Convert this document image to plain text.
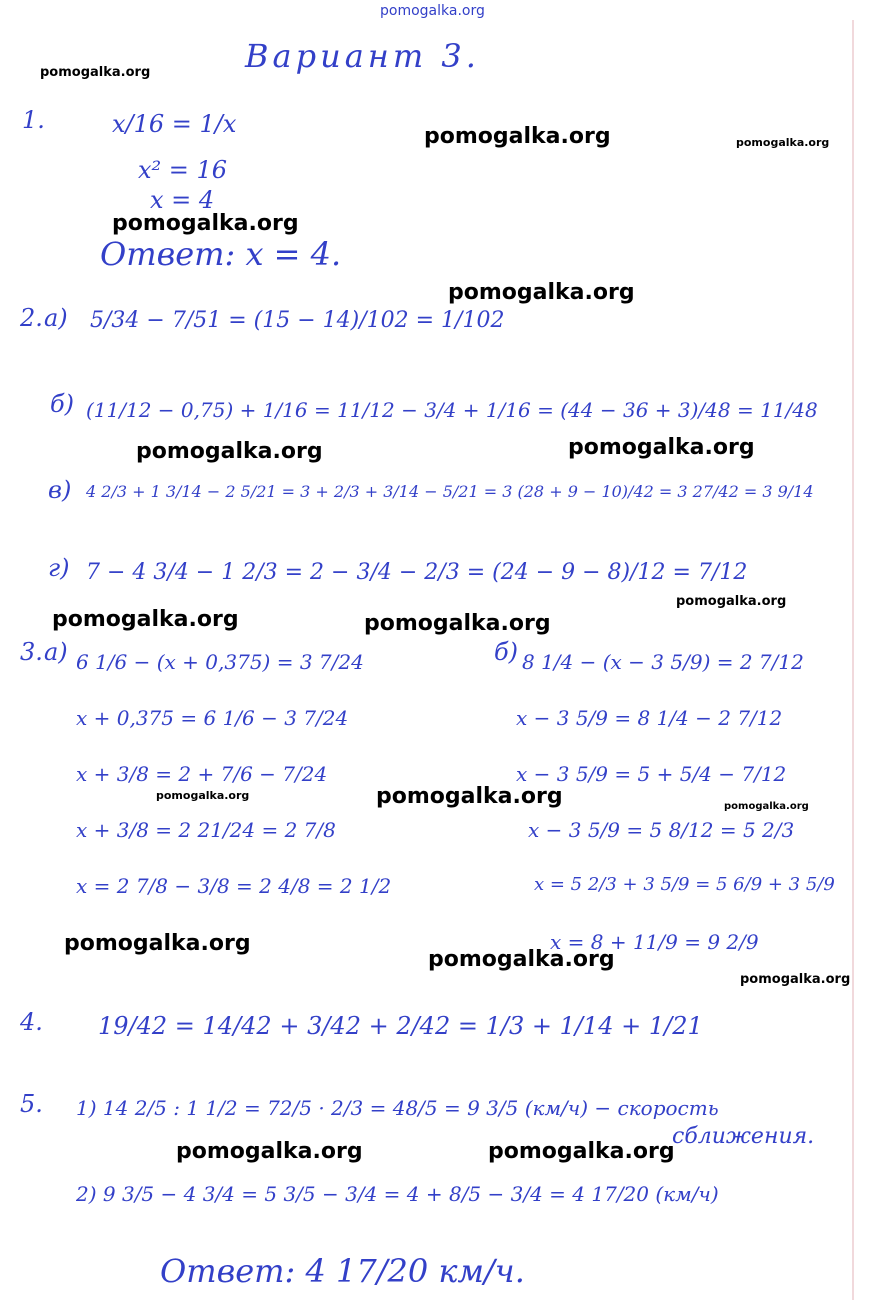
pomogalka.org
Вариант 3.
1.	x/16 = 1/x
x² = 16
x = 4
Ответ: x = 4.
2. а) 5/34 − 7/51 = (15 − 14)/102 = 1/102
б) (11/12 − 0,75) + 1/16 = 11/12 − 3/4 + 1/16 = (44 − 36 + 3)/48 = 11/48
в) 4 2/3 + 1 3/14 − 2 5/21 = 3 + 2/3 + 3/14 − 5/21 = 3 (28 + 9 − 10)/42 = 3 27/42 = 3 9/14
г) 7 − 4 3/4 − 1 2/3 = 2 − 3/4 − 2/3 = (24 − 9 − 8)/12 = 7/12
3. а) 6 1/6 − (x + 0,375) = 3 7/24
x + 0,375 = 6 1/6 − 3 7/24
x + 3/8 = 2 + 7/6 − 7/24
x + 3/8 = 2 21/24 = 2 7/8
x = 2 7/8 − 3/8 = 2 4/8 = 2 1/2
б) 8 1/4 − (x − 3 5/9) = 2 7/12
x − 3 5/9 = 8 1/4 − 2 7/12
x − 3 5/9 = 5 + 5/4 − 7/12
x − 3 5/9 = 5 8/12 = 5 2/3
x = 5 2/3 + 3 5/9 = 5 6/9 + 3 5/9
x = 8 + 11/9 = 9 2/9
4. 19/42 = 14/42 + 3/42 + 2/42 = 1/3 + 1/14 + 1/21
5. 1) 14 2/5 : 1 1/2 = 72/5 · 2/3 = 48/5 = 9 3/5 (км/ч) − скорость
сближения.
2) 9 3/5 − 4 3/4 = 5 3/5 − 3/4 = 4 + 8/5 − 3/4 = 4 17/20 (км/ч)
Ответ: 4 17/20 км/ч.
pomogalka.org
pomogalka.org	pomogalka.org
pomogalka.org
pomogalka.org
pomogalka.org	pomogalka.org
pomogalka.org
pomogalka.org	pomogalka.org
pomogalka.org	pomogalka.org	pomogalka.org
pomogalka.org
pomogalka.org
pomogalka.org
pomogalka.org	pomogalka.org
